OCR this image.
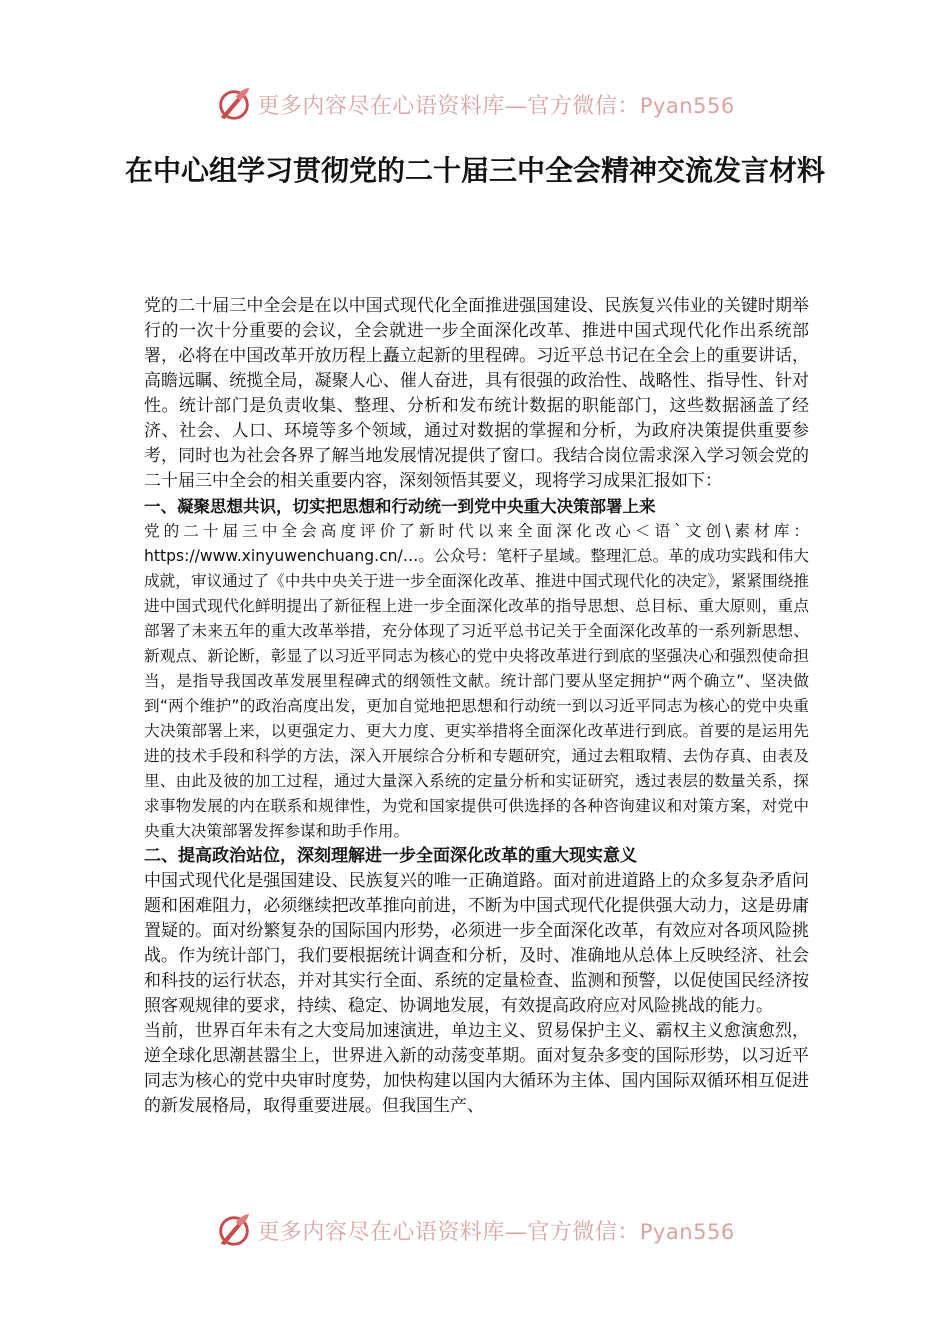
更多内容尽在心语资料库—官方微信：Pyan556
在中心组学习贯彻党的二十届三中全会精神交流发言材料

党的二十届三中全会是在以中国式现代化全面推进强国建设、民族复兴伟业的关键时期举行的一次十分重要的会议，全会就进一步全面深化改革、推进中国式现代化作出系统部署，必将在中国改革开放历程上矗立起新的里程碑。习近平总书记在全会上的重要讲话，高瞻远瞩、统揽全局，凝聚人心、催人奋进，具有很强的政治性、战略性、指导性、针对性。统计部门是负责收集、整理、分析和发布统计数据的职能部门，这些数据涵盖了经济、社会、人口、环境等多个领域，通过对数据的掌握和分析，为政府决策提供重要参考，同时也为社会各界了解当地发展情况提供了窗口。我结合岗位需求深入学习领会党的二十届三中全会的相关重要内容，深刻领悟其要义，现将学习成果汇报如下：

一、凝聚思想共识，切实把思想和行动统一到党中央重大决策部署上来

党的二十届三中全会高度评价了新时代以来全面深化改心＜语`文创\素材库：https://www.xinyuwenchuang.cn/…。公众号：笔杆子星域。整理汇总。革的成功实践和伟大成就，审议通过了《中共中央关于进一步全面深化改革、推进中国式现代化的决定》，紧紧围绕推进中国式现代化鲜明提出了新征程上进一步全面深化改革的指导思想、总目标、重大原则，重点部署了未来五年的重大改革举措，充分体现了习近平总书记关于全面深化改革的一系列新思想、新观点、新论断，彰显了以习近平同志为核心的党中央将改革进行到底的坚强决心和强烈使命担当，是指导我国改革发展里程碑式的纲领性文献。统计部门要从坚定拥护“两个确立”、坚决做到“两个维护”的政治高度出发，更加自觉地把思想和行动统一到以习近平同志为核心的党中央重大决策部署上来，以更强定力、更大力度、更实举措将全面深化改革进行到底。首要的是运用先进的技术手段和科学的方法，深入开展综合分析和专题研究，通过去粗取精、去伪存真、由表及里、由此及彼的加工过程，通过大量深入系统的定量分析和实证研究，透过表层的数量关系，探求事物发展的内在联系和规律性，为党和国家提供可供选择的各种咨询建议和对策方案，对党中央重大决策部署发挥参谋和助手作用。

二、提高政治站位，深刻理解进一步全面深化改革的重大现实意义

中国式现代化是强国建设、民族复兴的唯一正确道路。面对前进道路上的众多复杂矛盾问题和困难阻力，必须继续把改革推向前进，不断为中国式现代化提供强大动力，这是毋庸置疑的。面对纷繁复杂的国际国内形势，必须进一步全面深化改革，有效应对各项风险挑战。作为统计部门，我们要根据统计调查和分析，及时、准确地从总体上反映经济、社会和科技的运行状态，并对其实行全面、系统的定量检查、监测和预警，以促使国民经济按照客观规律的要求，持续、稳定、协调地发展，有效提高政府应对风险挑战的能力。

当前，世界百年未有之大变局加速演进，单边主义、贸易保护主义、霸权主义愈演愈烈，逆全球化思潮甚嚣尘上，世界进入新的动荡变革期。面对复杂多变的国际形势，以习近平同志为核心的党中央审时度势，加快构建以国内大循环为主体、国内国际双循环相互促进的新发展格局，取得重要进展。但我国生产、

更多内容尽在心语资料库—官方微信：Pyan556
